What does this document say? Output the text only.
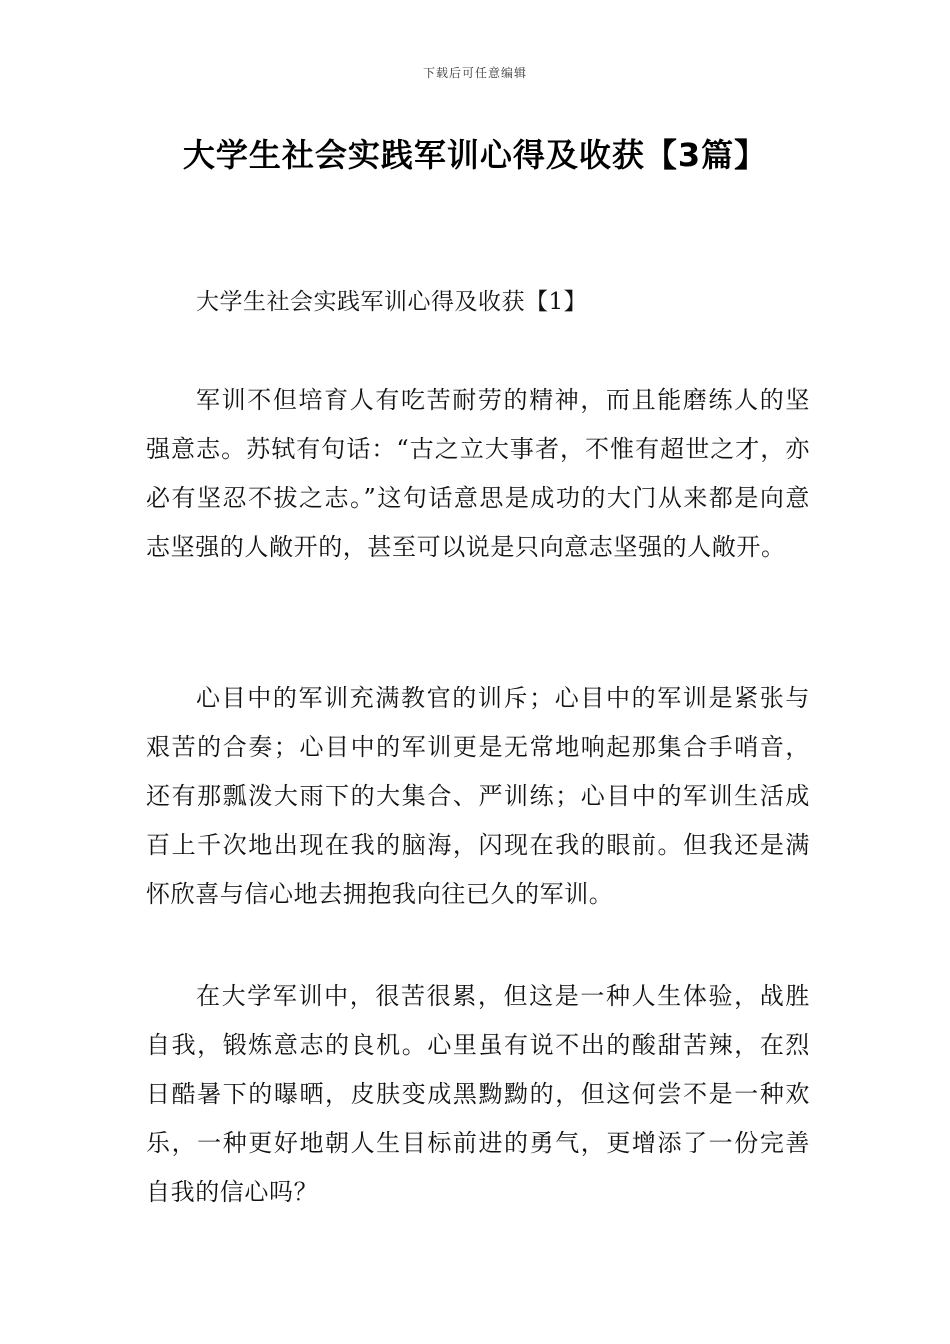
下载后可任意编辑
大学生社会实践军训心得及收获【3篇】
大学生社会实践军训心得及收获【1】

军训不但培育人有吃苦耐劳的精神，而且能磨练人的坚强意志。苏轼有句话：“古之立大事者，不惟有超世之才，亦必有坚忍不拔之志。”这句话意思是成功的大门从来都是向意志坚强的人敞开的，甚至可以说是只向意志坚强的人敞开。

心目中的军训充满教官的训斥；心目中的军训是紧张与艰苦的合奏；心目中的军训更是无常地响起那集合手哨音，还有那瓢泼大雨下的大集合、严训练；心目中的军训生活成百上千次地出现在我的脑海，闪现在我的眼前。但我还是满怀欣喜与信心地去拥抱我向往已久的军训。

在大学军训中，很苦很累，但这是一种人生体验，战胜自我，锻炼意志的良机。心里虽有说不出的酸甜苦辣，在烈日酷暑下的曝晒，皮肤变成黑黝黝的，但这何尝不是一种欢乐，一种更好地朝人生目标前进的勇气，更增添了一份完善自我的信心吗？
